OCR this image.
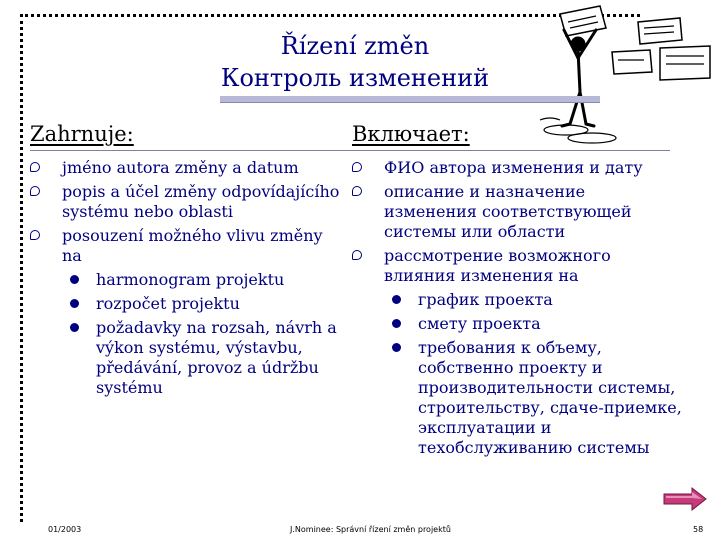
Řízení změn
Контроль изменений
Zahrnuje:	Включает:
jméno autora změny a datum
popis a účel změny odpovídajícího systému nebo oblasti
posouzení možného vlivu změny na
harmonogram projektu
rozpočet projektu
požadavky na rozsah, návrh a výkon systému, výstavbu, předávání, provoz a údržbu systému
ФИО автора изменения и дату
описание и назначение изменения соответствующей системы или области
рассмотрение возможного влияния изменения на
график проекта
смету проекта
требования к объему, собственно проекту и производительности системы, строительству, сдаче-приемке, эксплуатации и техобслуживанию системы
01/2003	J.Nominee: Správní řízení změn projektů	58
